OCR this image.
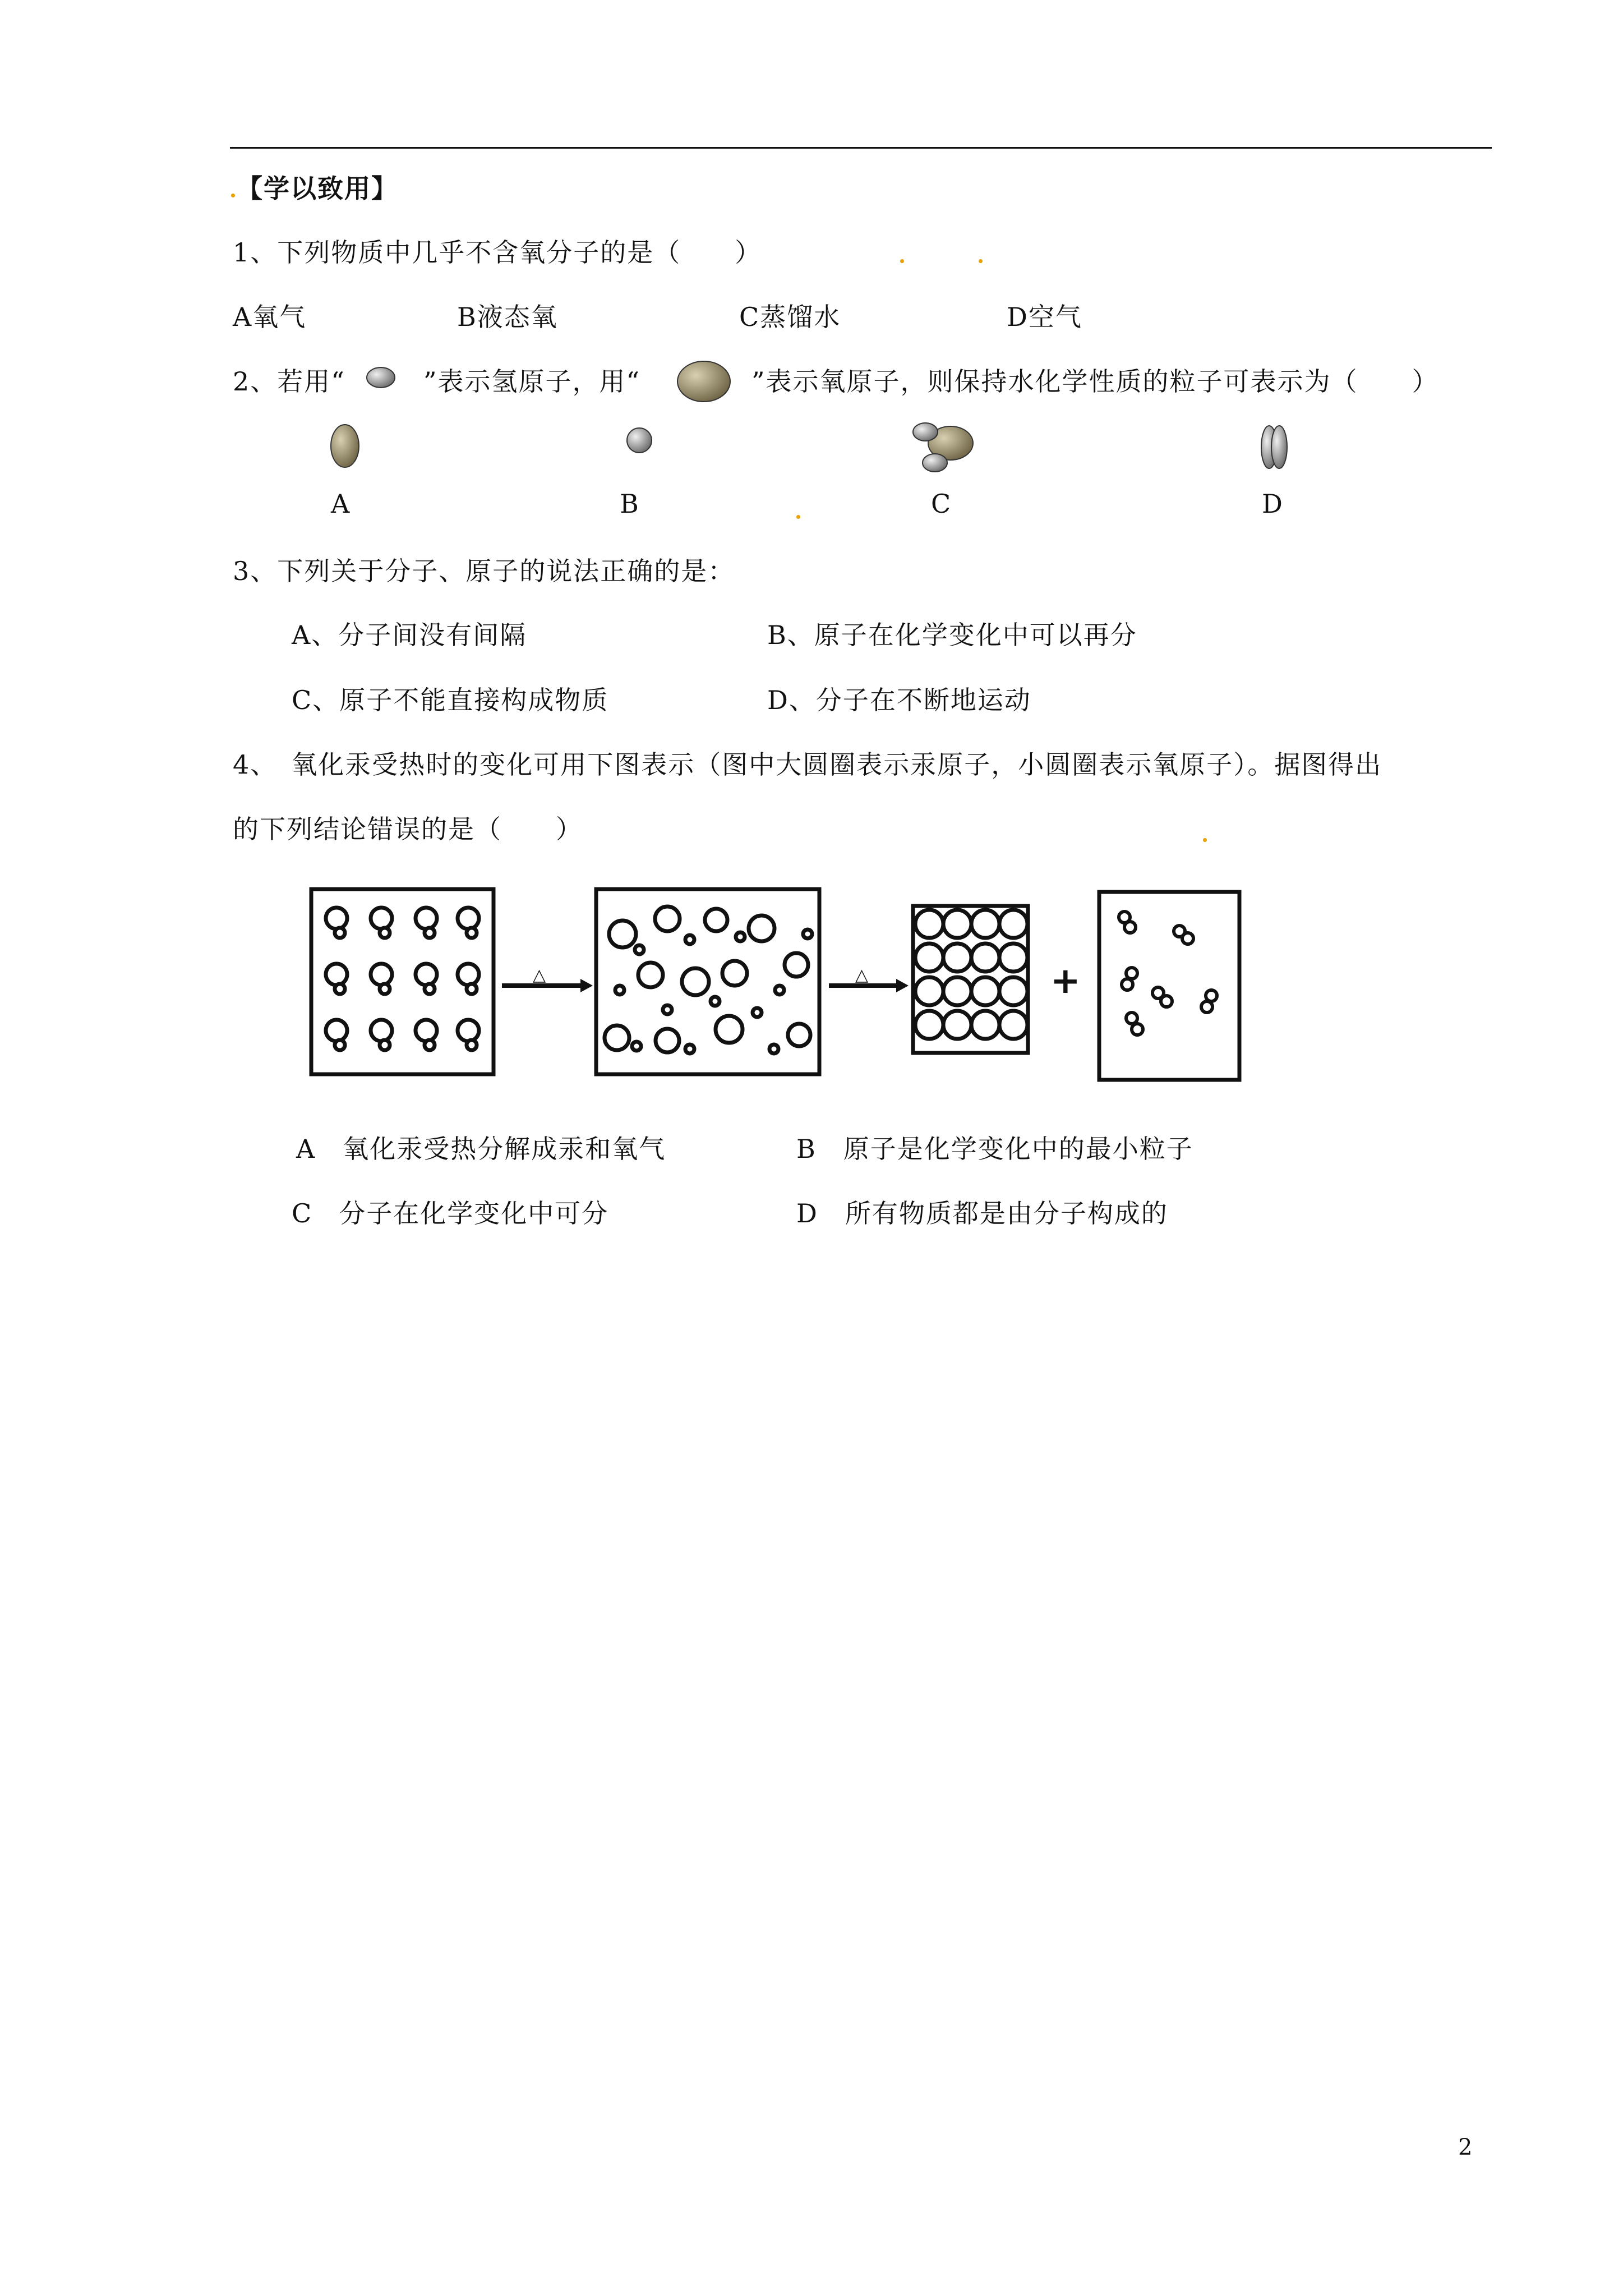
【学以致用】
1、下列物质中几乎不含氧分子的是（　　）
A氧气	B液态氧	C蒸馏水	D空气
2、若用“	”表示氢原子，用“	”表示氧原子，则保持水化学性质的粒子可表示为（　　）
A	B	C	D
3、下列关于分子、原子的说法正确的是：
A、分子间没有间隔	B、原子在化学变化中可以再分
C、原子不能直接构成物质	D、分子在不断地运动
4、　氧化汞受热时的变化可用下图表示（图中大圆圈表示汞原子，小圆圈表示氧原子）。据图得出
的下列结论错误的是（　　）
△	△	+
A　氧化汞受热分解成汞和氧气	B　原子是化学变化中的最小粒子
C　分子在化学变化中可分	D　所有物质都是由分子构成的
2
